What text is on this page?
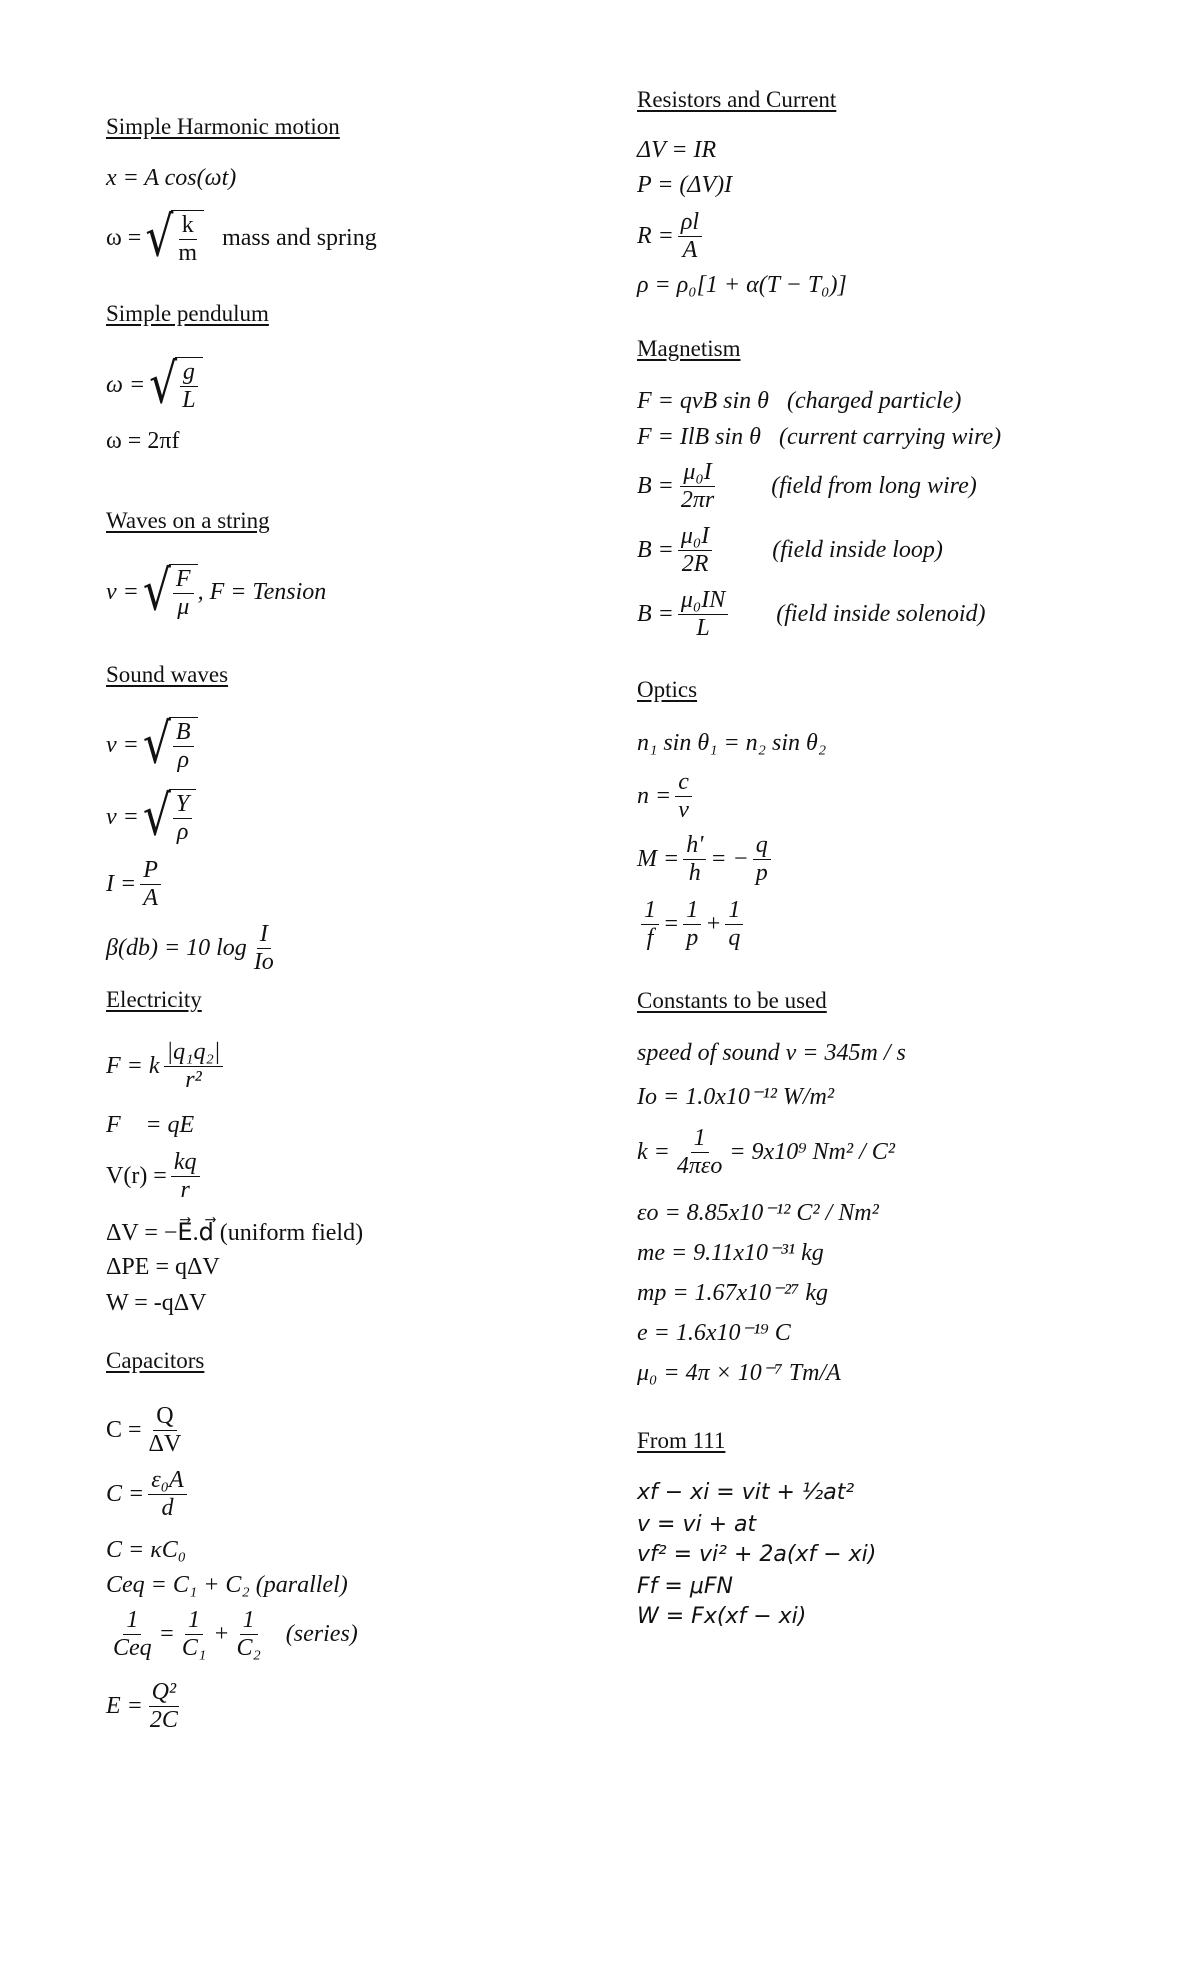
Simple Harmonic motion
x = A cos(ωt)
ω = √ $\frac{k}{m}$ mass and spring
Simple pendulum
ω = √ $\frac{g}{L}$
ω = 2πf
Waves on a string
v = √ $\frac{F}{\mu}$ , F = Tension
Sound waves
v = √ $\frac{B}{\rho}$
v = √ $\frac{Y}{\rho}$
$I = \frac{P}{A}$
β(db) = 10 $\log \frac{I}{Io}$
Electricity
F = k $\frac{\text{|q₁q₂|}}{\text{r²}}$
F⃗ = qE⃗
$V(r) = \frac{kq}{r}$
ΔV = −E⃗.d⃗ (uniform field)
ΔPE = qΔV
W = -qΔV
Capacitors
$C = \frac{Q}{\Delta V}$
$C = \frac{\text{ε₀A}}{d}$
C = κC₀
Ceq = C₁ + C₂ (parallel)
$\frac{1}{\text{Ceq}} = \frac{1}{\text{C₁}} + \frac{1}{\text{C₂}}$ (series)
$E = \frac{\text{Q²}}{2C}$
Resistors and Current
ΔV = IR
P = (ΔV)I
$R = \frac{\rho l}{A}$
ρ = ρ₀[1 + α(T − T₀)]
Magnetism
F = qvB sin θ (charged particle)
F = IlB sin θ (current carrying wire)
$B = \frac{\text{μ₀I}}{2\pi r}$ (field from long wire)
$B = \frac{\text{μ₀I}}{2R}$	(field inside loop)
$B = \frac{\text{μ₀IN}}{L}$ (field inside solenoid)
Optics
n₁ sin θ₁ = n₂ sin θ₂
$n = \frac{c}{v}$
$M = \frac{h'}{h}$ = − $\frac{q}{p}$
$\frac{1}{f} = \frac{1}{p} + \frac{1}{q}$
Constants to be used
speed of sound v = 345m / s
Io = 1.0x10⁻¹² W/m²
$k = \frac{1}{\text{4πεo}} = 9x10^9$ Nm² / C²
εo = 8.85x10⁻¹² C² / Nm²
me = 9.11x10⁻³¹ kg
mp = 1.67x10⁻²⁷ kg
e = 1.6x10⁻¹⁹ C
μ₀ = 4π × 10⁻⁷ Tm/A
From 111
xf − xi = vit + ½at²
v = vi + at
vf² = vi² + 2a(xf − xi)
Ff = μFN
W = Fx(xf − xi)
